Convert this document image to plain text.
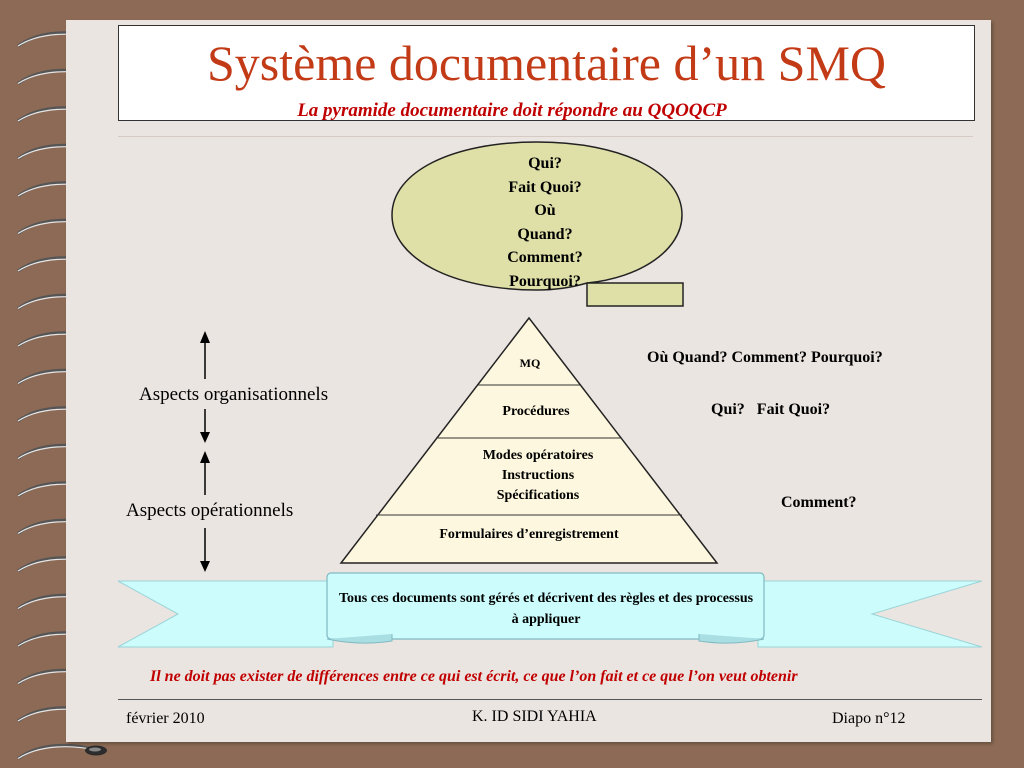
Système documentaire d’un SMQ
La pyramide documentaire doit répondre au QQOQCP
Qui?
Fait Quoi?
Où
Quand?
Comment?
Pourquoi?
MQ
Procédures
Modes opératoires
Instructions
Spécifications
Formulaires d’enregistrement
Aspects organisationnels
Aspects opérationnels
Où Quand? Comment? Pourquoi?
Qui?   Fait Quoi?
Comment?
Tous ces documents sont gérés et décrivent des règles et des processus à appliquer
Il ne doit pas exister de différences entre ce qui est écrit, ce que l’on fait et ce que l’on veut obtenir
février 2010	K. ID SIDI YAHIA	Diapo n°12
